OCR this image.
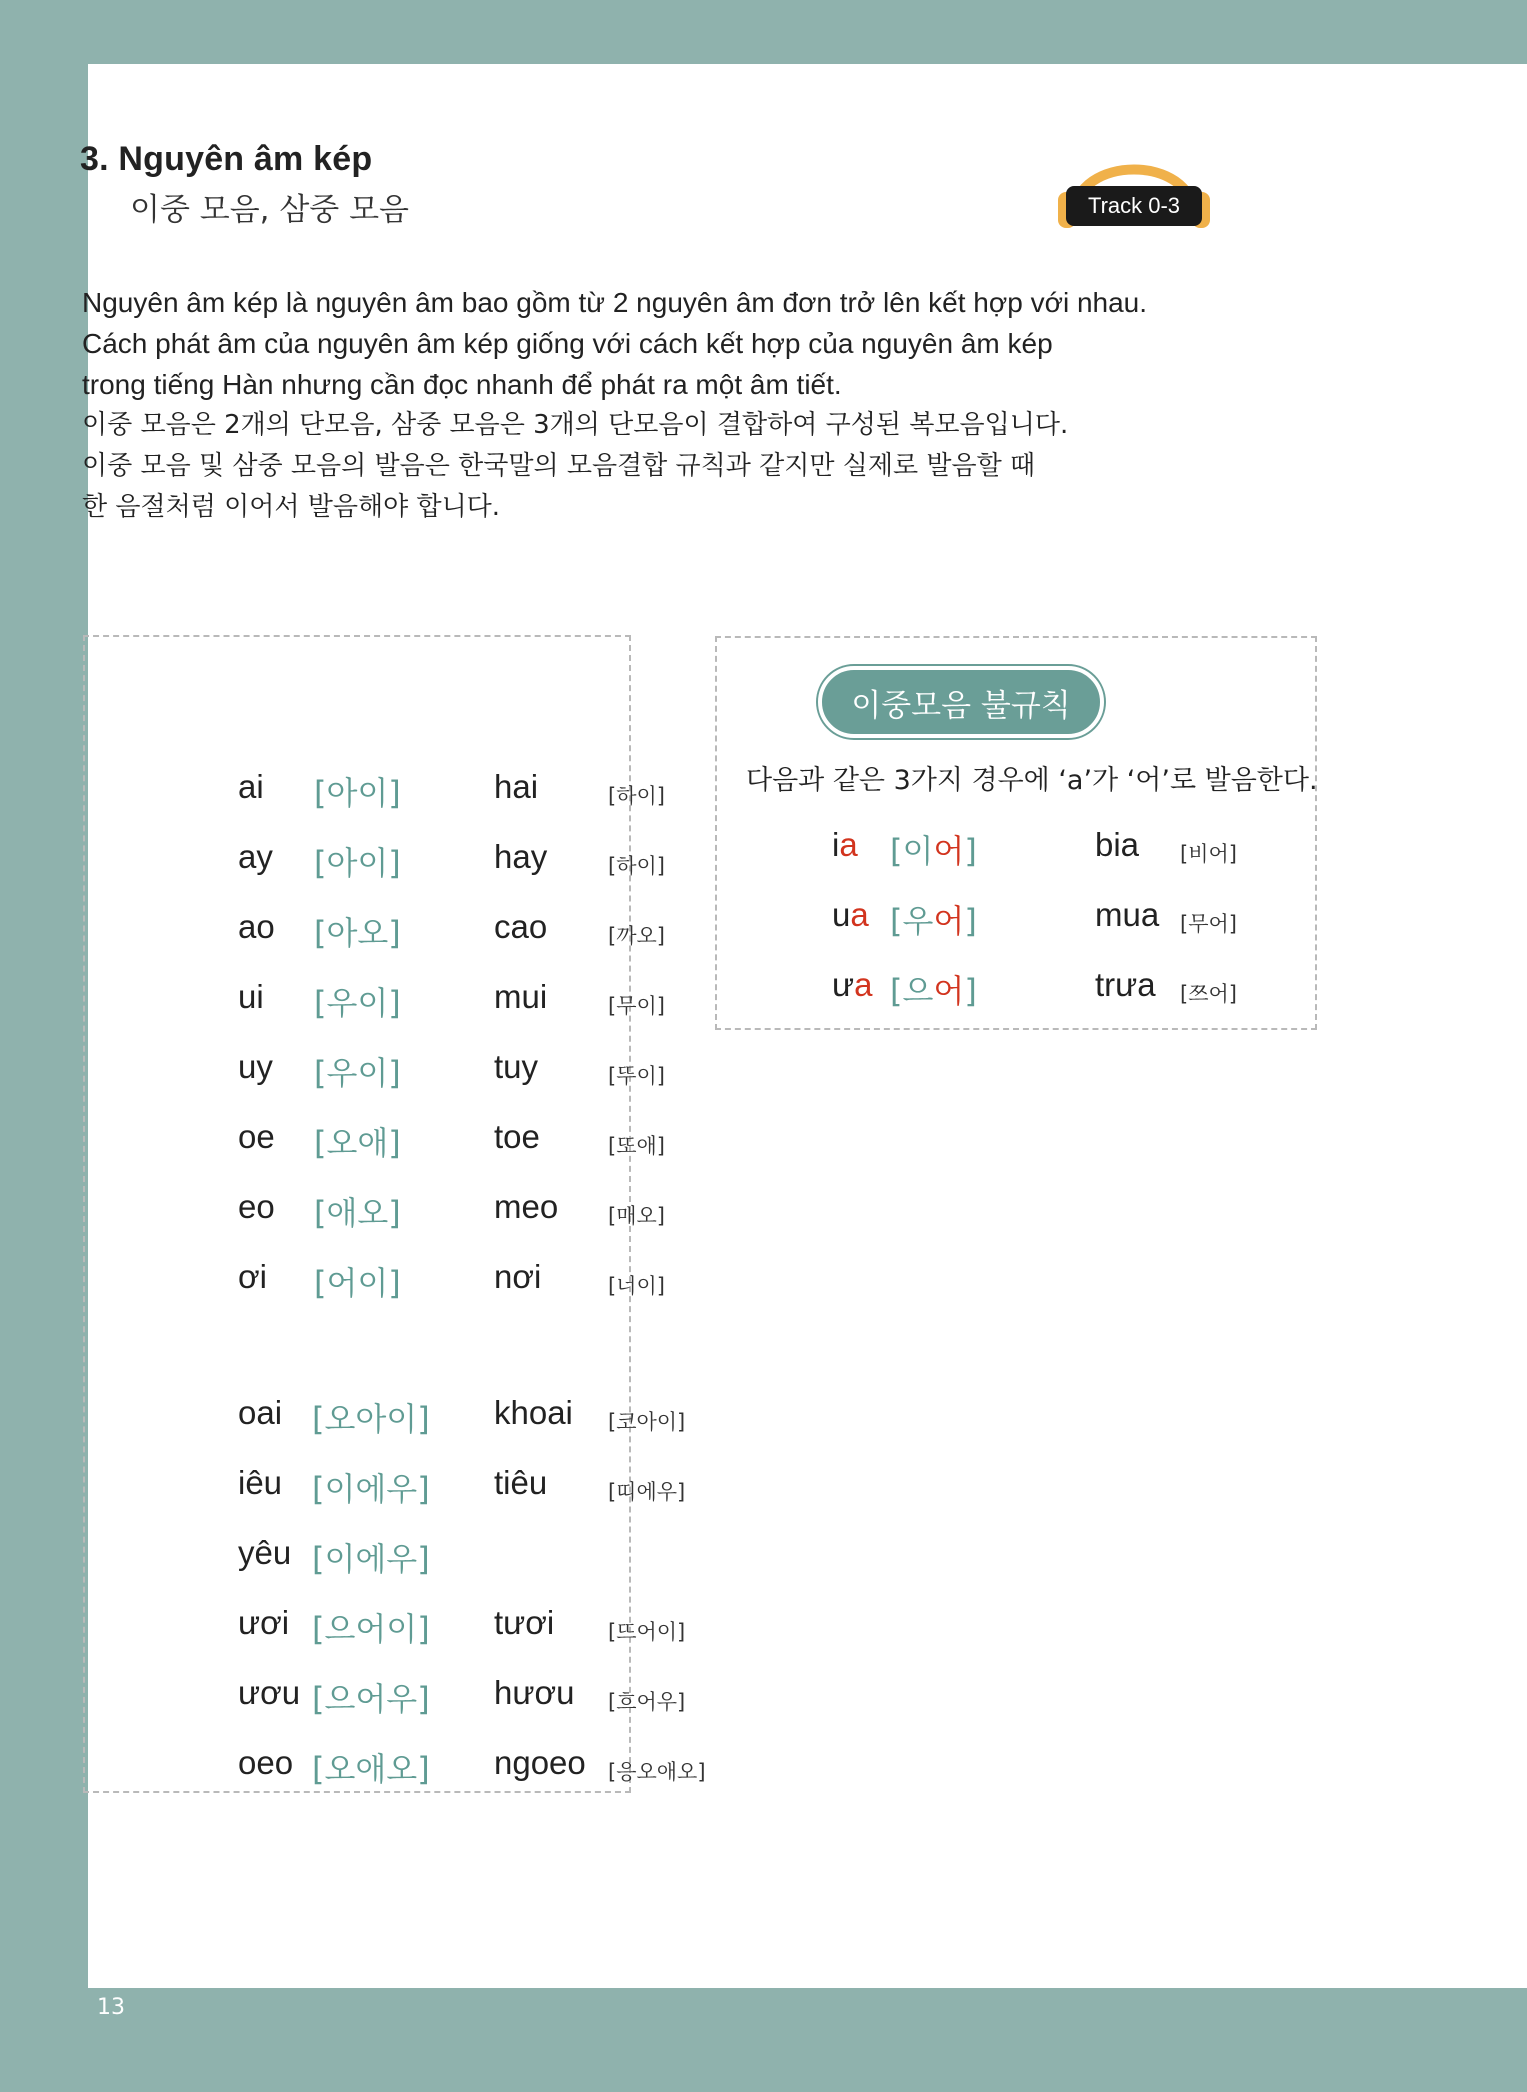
3. Nguyên âm kép
이중 모음, 삼중 모음	Track 0-3

Nguyên âm kép là nguyên âm bao gồm từ 2 nguyên âm đơn trở lên kết hợp với nhau.

Cách phát âm của nguyên âm kép giống với cách kết hợp của nguyên âm kép

trong tiếng Hàn nhưng cần đọc nhanh để phát ra một âm tiết.

이중 모음은 2개의 단모음, 삼중 모음은 3개의 단모음이 결합하여 구성된 복모음입니다.

이중 모음 및 삼중 모음의 발음은 한국말의 모음결합 규칙과 같지만 실제로 발음할 때

한 음절처럼 이어서 발음해야 합니다.

ai [아이]	hai	[하이]
ay [아이]	hay	[하이]
ao [아오]	cao	[까오]
ui [우이]	mui	[무이]
uy [우이]	tuy	[뚜이]
oe [오애]	toe	[또애]
eo [애오]	meo [매오]
ơi [어이]	nơi	[너이]
oai [오아이] khoai [코아이]
iêu [이에우] tiêu	[띠에우]
yêu [이에우]
ươi [으어이] tươi	[뜨어이]
ươu [으어우] hươu [흐어우]
oeo [오애오] ngoeo [응오애오]
이중모음 불규칙
다음과 같은 3가지 경우에 ‘a’가 ‘어’로 발음한다.
ia [이어]	bia [비어]
ua [우어]	mua [무어]
ưa [으어]	trưa [쯔어]
13
